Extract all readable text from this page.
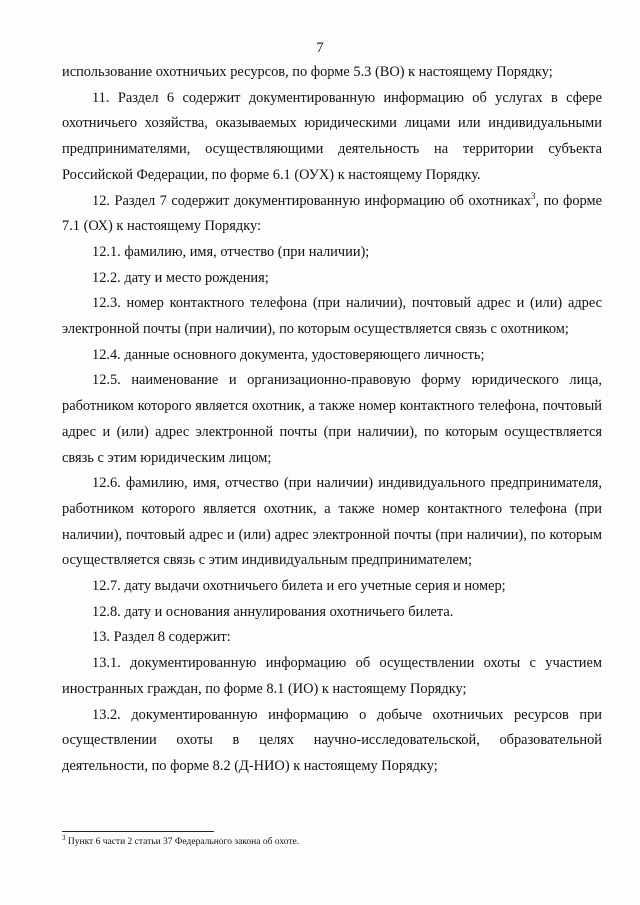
7

использование охотничьих ресурсов, по форме 5.3 (ВО) к настоящему Порядку;

11. Раздел 6 содержит документированную информацию об услугах в сфере охотничьего хозяйства, оказываемых юридическими лицами или индивидуальными предпринимателями, осуществляющими деятельность на территории субъекта Российской Федерации, по форме 6.1 (ОУХ) к настоящему Порядку.

12. Раздел 7 содержит документированную информацию об охотниках$^3$, по форме 7.1 (ОХ) к настоящему Порядку:

12.1. фамилию, имя, отчество (при наличии);

12.2. дату и место рождения;

12.3. номер контактного телефона (при наличии), почтовый адрес и (или) адрес электронной почты (при наличии), по которым осуществляется связь с охотником;

12.4. данные основного документа, удостоверяющего личность;

12.5. наименование и организационно-правовую форму юридического лица, работником которого является охотник, а также номер контактного телефона, почтовый адрес и (или) адрес электронной почты (при наличии), по которым осуществляется связь с этим юридическим лицом;

12.6. фамилию, имя, отчество (при наличии) индивидуального предпринимателя, работником которого является охотник, а также номер контактного телефона (при наличии), почтовый адрес и (или) адрес электронной почты (при наличии), по которым осуществляется связь с этим индивидуальным предпринимателем;

12.7. дату выдачи охотничьего билета и его учетные серия и номер;

12.8. дату и основания аннулирования охотничьего билета.

13. Раздел 8 содержит:

13.1. документированную информацию об осуществлении охоты с участием иностранных граждан, по форме 8.1 (ИО) к настоящему Порядку;

13.2. документированную информацию о добыче охотничьих ресурсов при осуществлении охоты в целях научно-исследовательской, образовательной деятельности, по форме 8.2 (Д-НИО) к настоящему Порядку;

$^3$ Пункт 6 части 2 статьи 37 Федерального закона об охоте.
